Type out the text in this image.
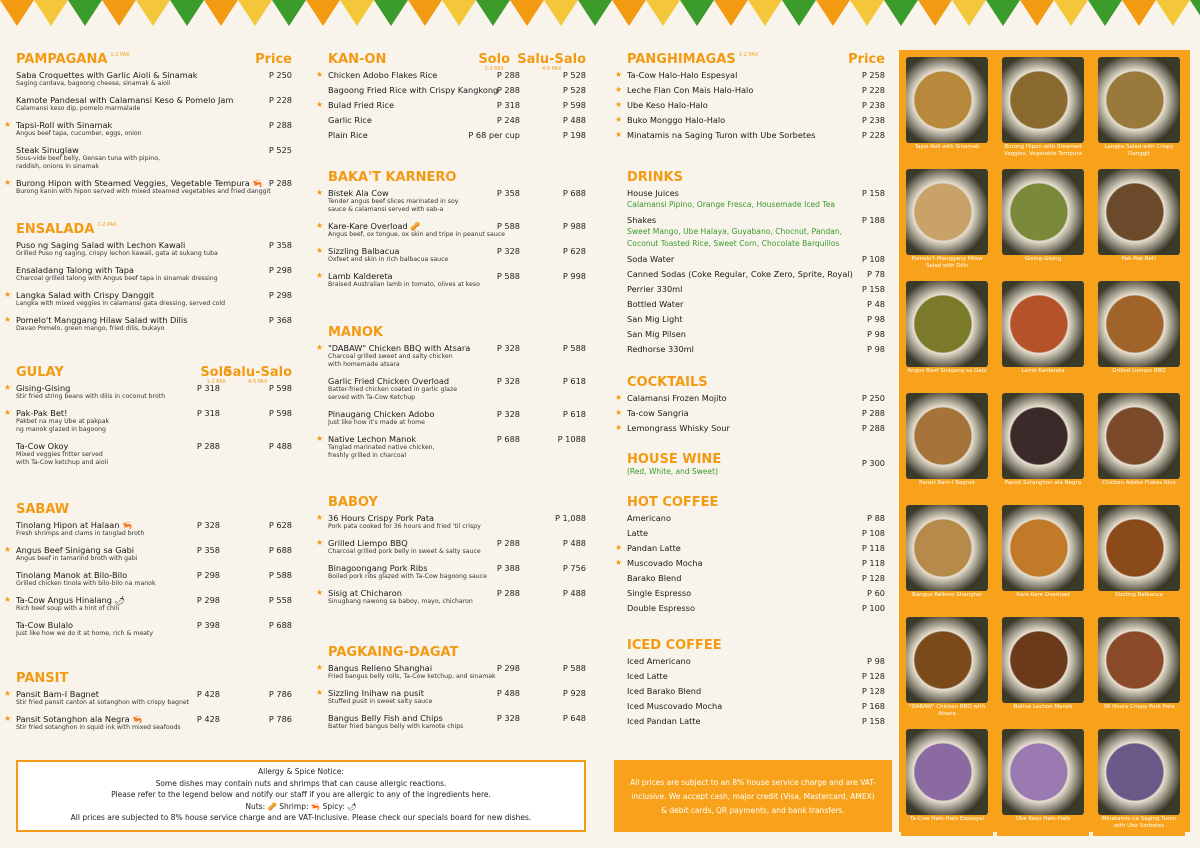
PAMPAGANA $^{1-2 PAX}$	Price
Saba Croquettes with Garlic Aioli & Sinamak
Saging cardava, bagoong cheese, sinamak & aioli
P 250
Kamote Pandesal with Calamansi Keso & Pomelo Jam
Calamansi keso dip, pomelo marmalade
P 228
★ Tapsi-Roll with Sinamak
Angus beef tapa, cucumber, eggs, onion
P 288
Steak Sinuglaw
Sous-vide beef belly, Gensan tuna with pipino,
raddish, onions in sinamak
P 525
★ Burong Hipon with Steamed Veggies, Vegetable Tempura 🦐
Burong kanin with hipon served with mixed steamed vegetables and fried danggit
P 288
ENSALADA $^{1-2 PAX}$
Puso ng Saging Salad with Lechon Kawali
Grilled Puso ng saging, crispy lechon kawali, gata at sukang tuba
P 358
Ensaladang Talong with Tapa
Charcoal grilled talong with Angus beef tapa in sinamak dressing
P 298
★ Langka Salad with Crispy Danggit
Langka with mixed veggies in calamansi gata dressing, served cold
P 298
★ Pomelo't Manggang Hilaw Salad with Dilis
Davao Pomelo, green mango, fried dilis, bukayo
P 368
GULAY	Solo
1-2 PAX
Salu-Salo
4-5 PAX
★ Gising-Gising
Stir fried string beans with dilis in coconut broth
P 318	P 598
★ Pak-Pak Bet!
Pakbet na may Ube at pakpak
ng manok glazed in bagoong
P 318	P 598
Ta-Cow Okoy
Mixed veggies fritter served
with Ta-Cow ketchup and aioli
P 288	P 488
SABAW
Tinolang Hipon at Halaan 🦐
Fresh shrimps and clams in tanglad broth
P 328	P 628
★ Angus Beef Sinigang sa Gabi
Angus beef in tamarind broth with gabi
P 358	P 688
Tinolang Manok at Bilo-Bilo
Grilled chicken tinola with bilo-bilo na manok
P 298	P 588
★ Ta-Cow Angus Hinalang 🌶
Rich beef soup with a hint of chili
P 298	P 558
Ta-Cow Bulalo
Just like how we do it at home, rich & meaty
P 398	P 688
PANSIT
★ Pansit Bam-I Bagnet
Stir fried pansit canton at sotanghon with crispy bagnet
P 428	P 786
★ Pansit Sotanghon ala Negra 🦐
Stir fried sotanghon in squid ink with mixed seafoods
P 428	P 786
KAN-ON	Solo
1-2 PAX
Salu-Salo
4-5 PAX
★ Chicken Adobo Flakes Rice	P 288	P 528
Bagoong Fried Rice with Crispy Kangkong
P 288	P 528
★ Bulad Fried Rice	P 318	P 598
Garlic Rice	P 248	P 488
Plain Rice	P 68 per cup	P 198
BAKA'T KARNERO
★ Bistek Ala Cow
Tender angus beef slices marinated in soy
sauce & calamansi served with sab-a
P 358	P 688
★ Kare-Kare Overload 🥜
Angus beef, ox tongue, ox skin and tripe in peanut sauce
P 588	P 988
★ Sizzling Balbacua
Oxfeet and skin in rich balbacua sauce
P 328	P 628
★ Lamb Kaldereta
Braised Australian lamb in tomato, olives at keso
P 588	P 998
MANOK
★ "DABAW" Chicken BBQ with Atsara
Charcoal grilled sweet and salty chicken
with homemade atsara
P 328	P 588
Garlic Fried Chicken Overload
Batter-fried chicken coated in garlic glaze
served with Ta-Cow Ketchup
P 328	P 618
Pinaugang Chicken Adobo
Just like how it's made at home
P 328	P 618
★ Native Lechon Manok
Tanglad marinated native chicken,
freshly grilled in charcoal
P 688	P 1088
BABOY
★ 36 Hours Crispy Pork Pata
Pork pata cooked for 36 hours and fried 'til crispy
P 1,088
★ Grilled Liempo BBQ
Charcoal grilled pork belly in sweet & salty sauce
P 288	P 488
Binagoongang Pork Ribs
Boiled pork ribs glazed with Ta-Cow bagoong sauce
P 388	P 756
★ Sisig at Chicharon
Sinugbang nawong sa baboy, mayo, chicharon
P 288	P 488
PAGKAING-DAGAT
★ Bangus Relleno Shanghai
Fried bangus belly rolls, Ta-Cow ketchup, and sinamak
P 298	P 588
★ Sizzling Inihaw na pusit
Stuffed pusit in sweet salty sauce
P 488	P 928
Bangus Belly Fish and Chips
Batter fried bangus belly with kamote chips
P 328	P 648
PANGHIMAGAS $^{1-2 PAX}$	Price
★ Ta-Cow Halo-Halo Espesyal	P 258
★ Leche Flan Con Mais Halo-Halo	P 228
★ Ube Keso Halo-Halo	P 238
★ Buko Monggo Halo-Halo	P 238
★ Minatamis na Saging Turon with Ube Sorbetes	P 228
DRINKS
House Juices	P 158
Calamansi Pipino, Orange Fresca, Housemade Iced Tea
Shakes	P 188
Sweet Mango, Ube Halaya, Guyabano, Chocnut, Pandan,
Coconut Toasted Rice, Sweet Corn, Chocolate Barquillos
Soda Water	P 108
Canned Sodas (Coke Regular, Coke Zero, Sprite, Royal)	P 78
Perrier 330ml	P 158
Bottled Water	P 48
San Mig Light	P 98
San Mig Pilsen	P 98
Redhorse 330ml	P 98
COCKTAILS
★ Calamansi Frozen Mojito	P 250
★ Ta-cow Sangria	P 288
★ Lemongrass Whisky Sour	P 288
HOUSE WINE
(Red, White, and Sweet)
P 300
HOT COFFEE
Americano	P 88
Latte	P 108
★ Pandan Latte	P 118
★ Muscovado Mocha	P 118
Barako Blend	P 128
Single Espresso	P 60
Double Espresso	P 100
ICED COFFEE
Iced Americano	P 98
Iced Latte	P 128
Iced Barako Blend	P 128
Iced Muscovado Mocha	P 168
Iced Pandan Latte	P 158
Allergy & Spice Notice:
Some dishes may contain nuts and shrimps that can cause allergic reactions.
Please refer to the legend below and notify our staff if you are allergic to any of the ingredients here.
Nuts: 🥜 Shrimp: 🦐 Spicy: 🌶
All prices are subjected to 8% house service charge and are VAT-Inclusive. Please check our specials board for new dishes.
All prices are subject to an 8% house service charge and are VAT-inclusive. We accept cash, major credit (Visa, Mastercard, AMEX) & debit cards, QR payments, and bank transfers.
Tapsi-Roll with Sinamak	Burong Hipon with Steamed Veggies, Vegetable Tempura
Langka Salad with Crispy Danggit
Pomelo't Manggang Hilaw Salad with Dilis
Gising-Gising	Pak-Pak Bet!
Angus Beef Sinigang sa Gabi	Lamb Kaldereta	Grilled Liempo BBQ
Pansit Bam-I Bagnet	Pansit Sotanghon ala Negra	Chicken Adobo Flakes Rice
Bangus Relleno Shanghai	Kare-Kare Overload	Sizzling Balbacua
"DABAW" Chicken BBQ with Atsara
Native Lechon Manok	36 Hours Crispy Pork Pata
Ta-Cow Halo-Halo Espesyal	Ube Keso Halo-Halo	Minatamis na Saging Turon with Ube Sorbetes
